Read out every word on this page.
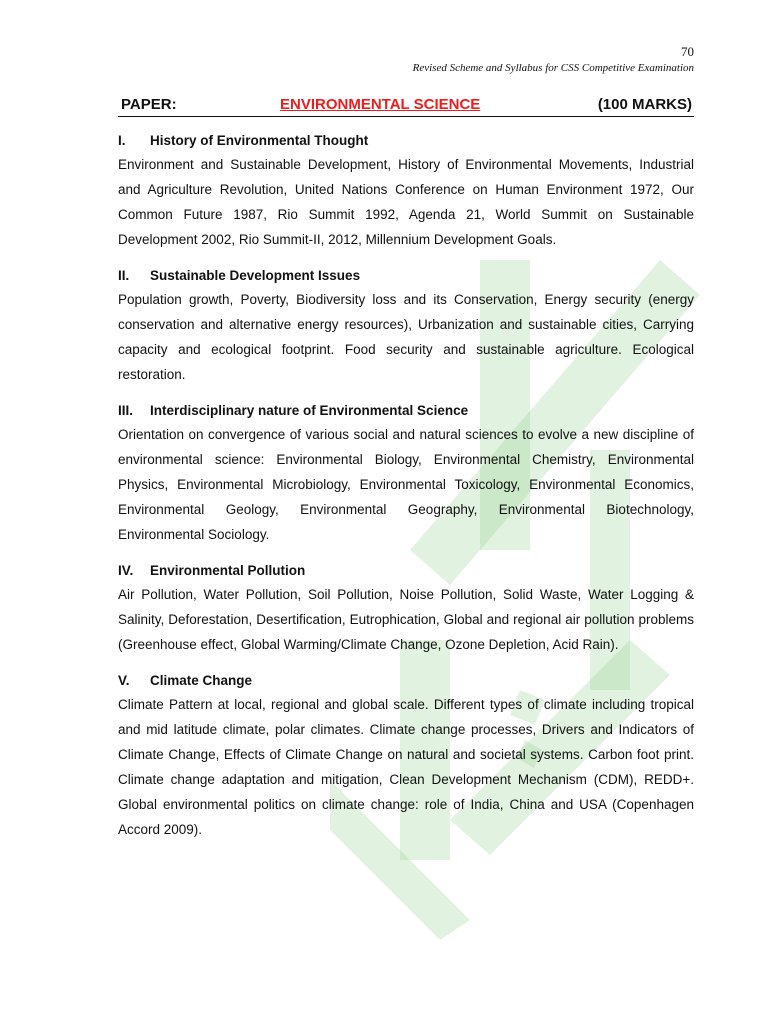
70
Revised Scheme and Syllabus for CSS Competitive Examination
PAPER:	ENVIRONMENTAL SCIENCE	(100 MARKS)
I.	History of Environmental Thought
Environment and Sustainable Development, History of Environmental Movements, Industrial and Agriculture Revolution, United Nations Conference on Human Environment 1972, Our Common Future 1987, Rio Summit 1992, Agenda 21, World Summit on Sustainable Development 2002, Rio Summit-II, 2012, Millennium Development Goals.
II.	Sustainable Development Issues
Population growth, Poverty, Biodiversity loss and its Conservation, Energy security (energy conservation and alternative energy resources), Urbanization and sustainable cities, Carrying capacity and ecological footprint. Food security and sustainable agriculture. Ecological restoration.
III.	Interdisciplinary nature of Environmental Science
Orientation on convergence of various social and natural sciences to evolve a new discipline of environmental science: Environmental Biology, Environmental Chemistry, Environmental Physics, Environmental Microbiology, Environmental Toxicology, Environmental Economics, Environmental Geology, Environmental Geography, Environmental Biotechnology, Environmental Sociology.
IV.	Environmental Pollution
Air Pollution, Water Pollution, Soil Pollution, Noise Pollution, Solid Waste, Water Logging & Salinity, Deforestation, Desertification, Eutrophication, Global and regional air pollution problems (Greenhouse effect, Global Warming/Climate Change, Ozone Depletion, Acid Rain).
V.	Climate Change
Climate Pattern at local, regional and global scale. Different types of climate including tropical and mid latitude climate, polar climates. Climate change processes, Drivers and Indicators of Climate Change, Effects of Climate Change on natural and societal systems. Carbon foot print. Climate change adaptation and mitigation, Clean Development Mechanism (CDM), REDD+. Global environmental politics on climate change: role of India, China and USA (Copenhagen Accord 2009).
